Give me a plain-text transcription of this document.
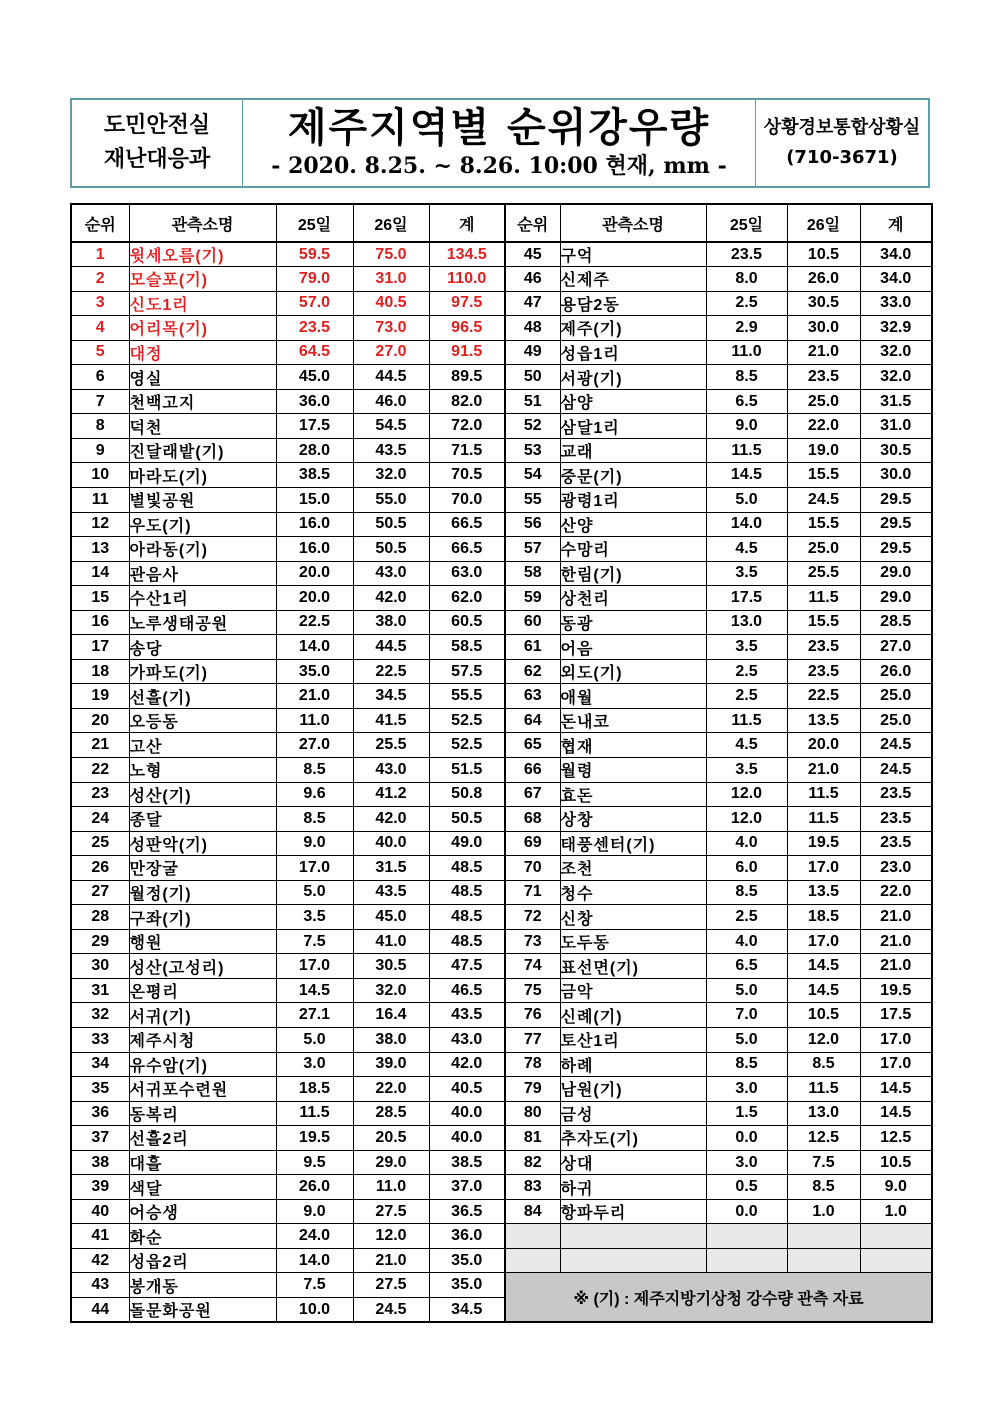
도민안전실
재난대응과
제주지역별 순위강우량
- 2020. 8.25. ~ 8.26. 10:00 현재, mm -
상황경보통합상황실
(710-3671)
순위	관측소명	25일	26일	계
1	윗세오름(기)	59.5	75.0	134.5
2	모슬포(기)	79.0	31.0	110.0
3	신도1리	57.0	40.5	97.5
4	어리목(기)	23.5	73.0	96.5
5	대정	64.5	27.0	91.5
6	영실	45.0	44.5	89.5
7	천백고지	36.0	46.0	82.0
8	덕천	17.5	54.5	72.0
9	진달래밭(기)	28.0	43.5	71.5
10	마라도(기)	38.5	32.0	70.5
11	별빛공원	15.0	55.0	70.0
12	우도(기)	16.0	50.5	66.5
13	아라동(기)	16.0	50.5	66.5
14	관음사	20.0	43.0	63.0
15	수산1리	20.0	42.0	62.0
16	노루생태공원	22.5	38.0	60.5
17	송당	14.0	44.5	58.5
18	가파도(기)	35.0	22.5	57.5
19	선흘(기)	21.0	34.5	55.5
20	오등동	11.0	41.5	52.5
21	고산	27.0	25.5	52.5
22	노형	8.5	43.0	51.5
23	성산(기)	9.6	41.2	50.8
24	종달	8.5	42.0	50.5
25	성판악(기)	9.0	40.0	49.0
26	만장굴	17.0	31.5	48.5
27	월정(기)	5.0	43.5	48.5
28	구좌(기)	3.5	45.0	48.5
29	행원	7.5	41.0	48.5
30	성산(고성리)	17.0	30.5	47.5
31	온평리	14.5	32.0	46.5
32	서귀(기)	27.1	16.4	43.5
33	제주시청	5.0	38.0	43.0
34	유수암(기)	3.0	39.0	42.0
35	서귀포수련원	18.5	22.0	40.5
36	동복리	11.5	28.5	40.0
37	선흘2리	19.5	20.5	40.0
38	대흘	9.5	29.0	38.5
39	색달	26.0	11.0	37.0
40	어승생	9.0	27.5	36.5
41	화순	24.0	12.0	36.0
42	성읍2리	14.0	21.0	35.0
43	봉개동	7.5	27.5	35.0
44	돌문화공원	10.0	24.5	34.5
순위	관측소명	25일	26일	계
45	구억	23.5	10.5	34.0
46	신제주	8.0	26.0	34.0
47	용담2동	2.5	30.5	33.0
48	제주(기)	2.9	30.0	32.9
49	성읍1리	11.0	21.0	32.0
50	서광(기)	8.5	23.5	32.0
51	삼양	6.5	25.0	31.5
52	삼달1리	9.0	22.0	31.0
53	교래	11.5	19.0	30.5
54	중문(기)	14.5	15.5	30.0
55	광령1리	5.0	24.5	29.5
56	산양	14.0	15.5	29.5
57	수망리	4.5	25.0	29.5
58	한림(기)	3.5	25.5	29.0
59	상천리	17.5	11.5	29.0
60	동광	13.0	15.5	28.5
61	어음	3.5	23.5	27.0
62	외도(기)	2.5	23.5	26.0
63	애월	2.5	22.5	25.0
64	돈내코	11.5	13.5	25.0
65	협재	4.5	20.0	24.5
66	월령	3.5	21.0	24.5
67	효돈	12.0	11.5	23.5
68	상창	12.0	11.5	23.5
69	태풍센터(기)	4.0	19.5	23.5
70	조천	6.0	17.0	23.0
71	청수	8.5	13.5	22.0
72	신창	2.5	18.5	21.0
73	도두동	4.0	17.0	21.0
74	표선면(기)	6.5	14.5	21.0
75	금악	5.0	14.5	19.5
76	신례(기)	7.0	10.5	17.5
77	토산1리	5.0	12.0	17.0
78	하례	8.5	8.5	17.0
79	남원(기)	3.0	11.5	14.5
80	금성	1.5	13.0	14.5
81	추자도(기)	0.0	12.5	12.5
82	상대	3.0	7.5	10.5
83	하귀	0.5	8.5	9.0
84	항파두리	0.0	1.0	1.0

※ (기) : 제주지방기상청 강수량 관측 자료				
